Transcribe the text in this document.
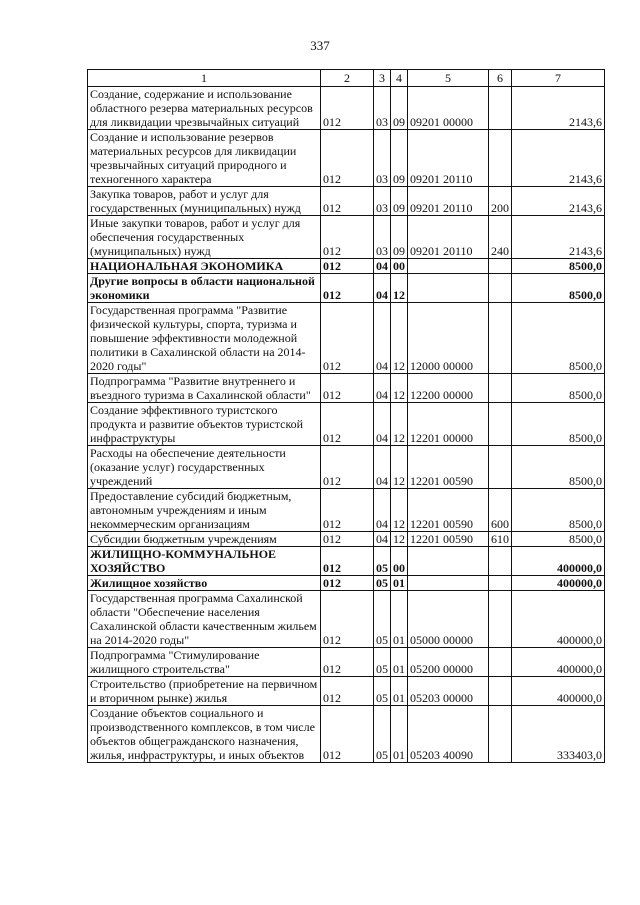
337
1	2	3	4	5	6	7
Создание, содержание и использование областного резерва материальных ресурсов для ликвидации чрезвычайных ситуаций	012	03	09	09201 00000		2143,6
Создание и использование резервов материальных ресурсов для ликвидации чрезвычайных ситуаций природного и техногенного характера	012	03	09	09201 20110		2143,6
Закупка товаров, работ и услуг для государственных (муниципальных) нужд	012	03	09	09201 20110	200	2143,6
Иные закупки товаров, работ и услуг для обеспечения государственных (муниципальных) нужд	012	03	09	09201 20110	240	2143,6
НАЦИОНАЛЬНАЯ ЭКОНОМИКА	012	04	00			8500,0
Другие вопросы в области национальной экономики	012	04	12			8500,0
Государственная программа "Развитие физической культуры, спорта, туризма и повышение эффективности молодежной политики в Сахалинской области на 2014-2020 годы"	012	04	12	12000 00000		8500,0
Подпрограмма "Развитие внутреннего и въездного туризма в Сахалинской области"	012	04	12	12200 00000		8500,0
Создание эффективного туристского продукта и развитие объектов туристской инфраструктуры	012	04	12	12201 00000		8500,0
Расходы на обеспечение деятельности (оказание услуг) государственных учреждений	012	04	12	12201 00590		8500,0
Предоставление субсидий бюджетным, автономным учреждениям и иным некоммерческим организациям	012	04	12	12201 00590	600	8500,0
Субсидии бюджетным учреждениям	012	04	12	12201 00590	610	8500,0
ЖИЛИЩНО-КОММУНАЛЬНОЕ ХОЗЯЙСТВО	012	05	00			400000,0
Жилищное хозяйство	012	05	01			400000,0
Государственная программа Сахалинской области "Обеспечение населения Сахалинской области качественным жильем на 2014-2020 годы"	012	05	01	05000 00000		400000,0
Подпрограмма "Стимулирование жилищного строительства"	012	05	01	05200 00000		400000,0
Строительство (приобретение на первичном и вторичном рынке) жилья	012	05	01	05203 00000		400000,0
Создание объектов социального и производственного комплексов, в том числе объектов общегражданского назначения, жилья, инфраструктуры, и иных объектов	012	05	01	05203 40090		333403,0
